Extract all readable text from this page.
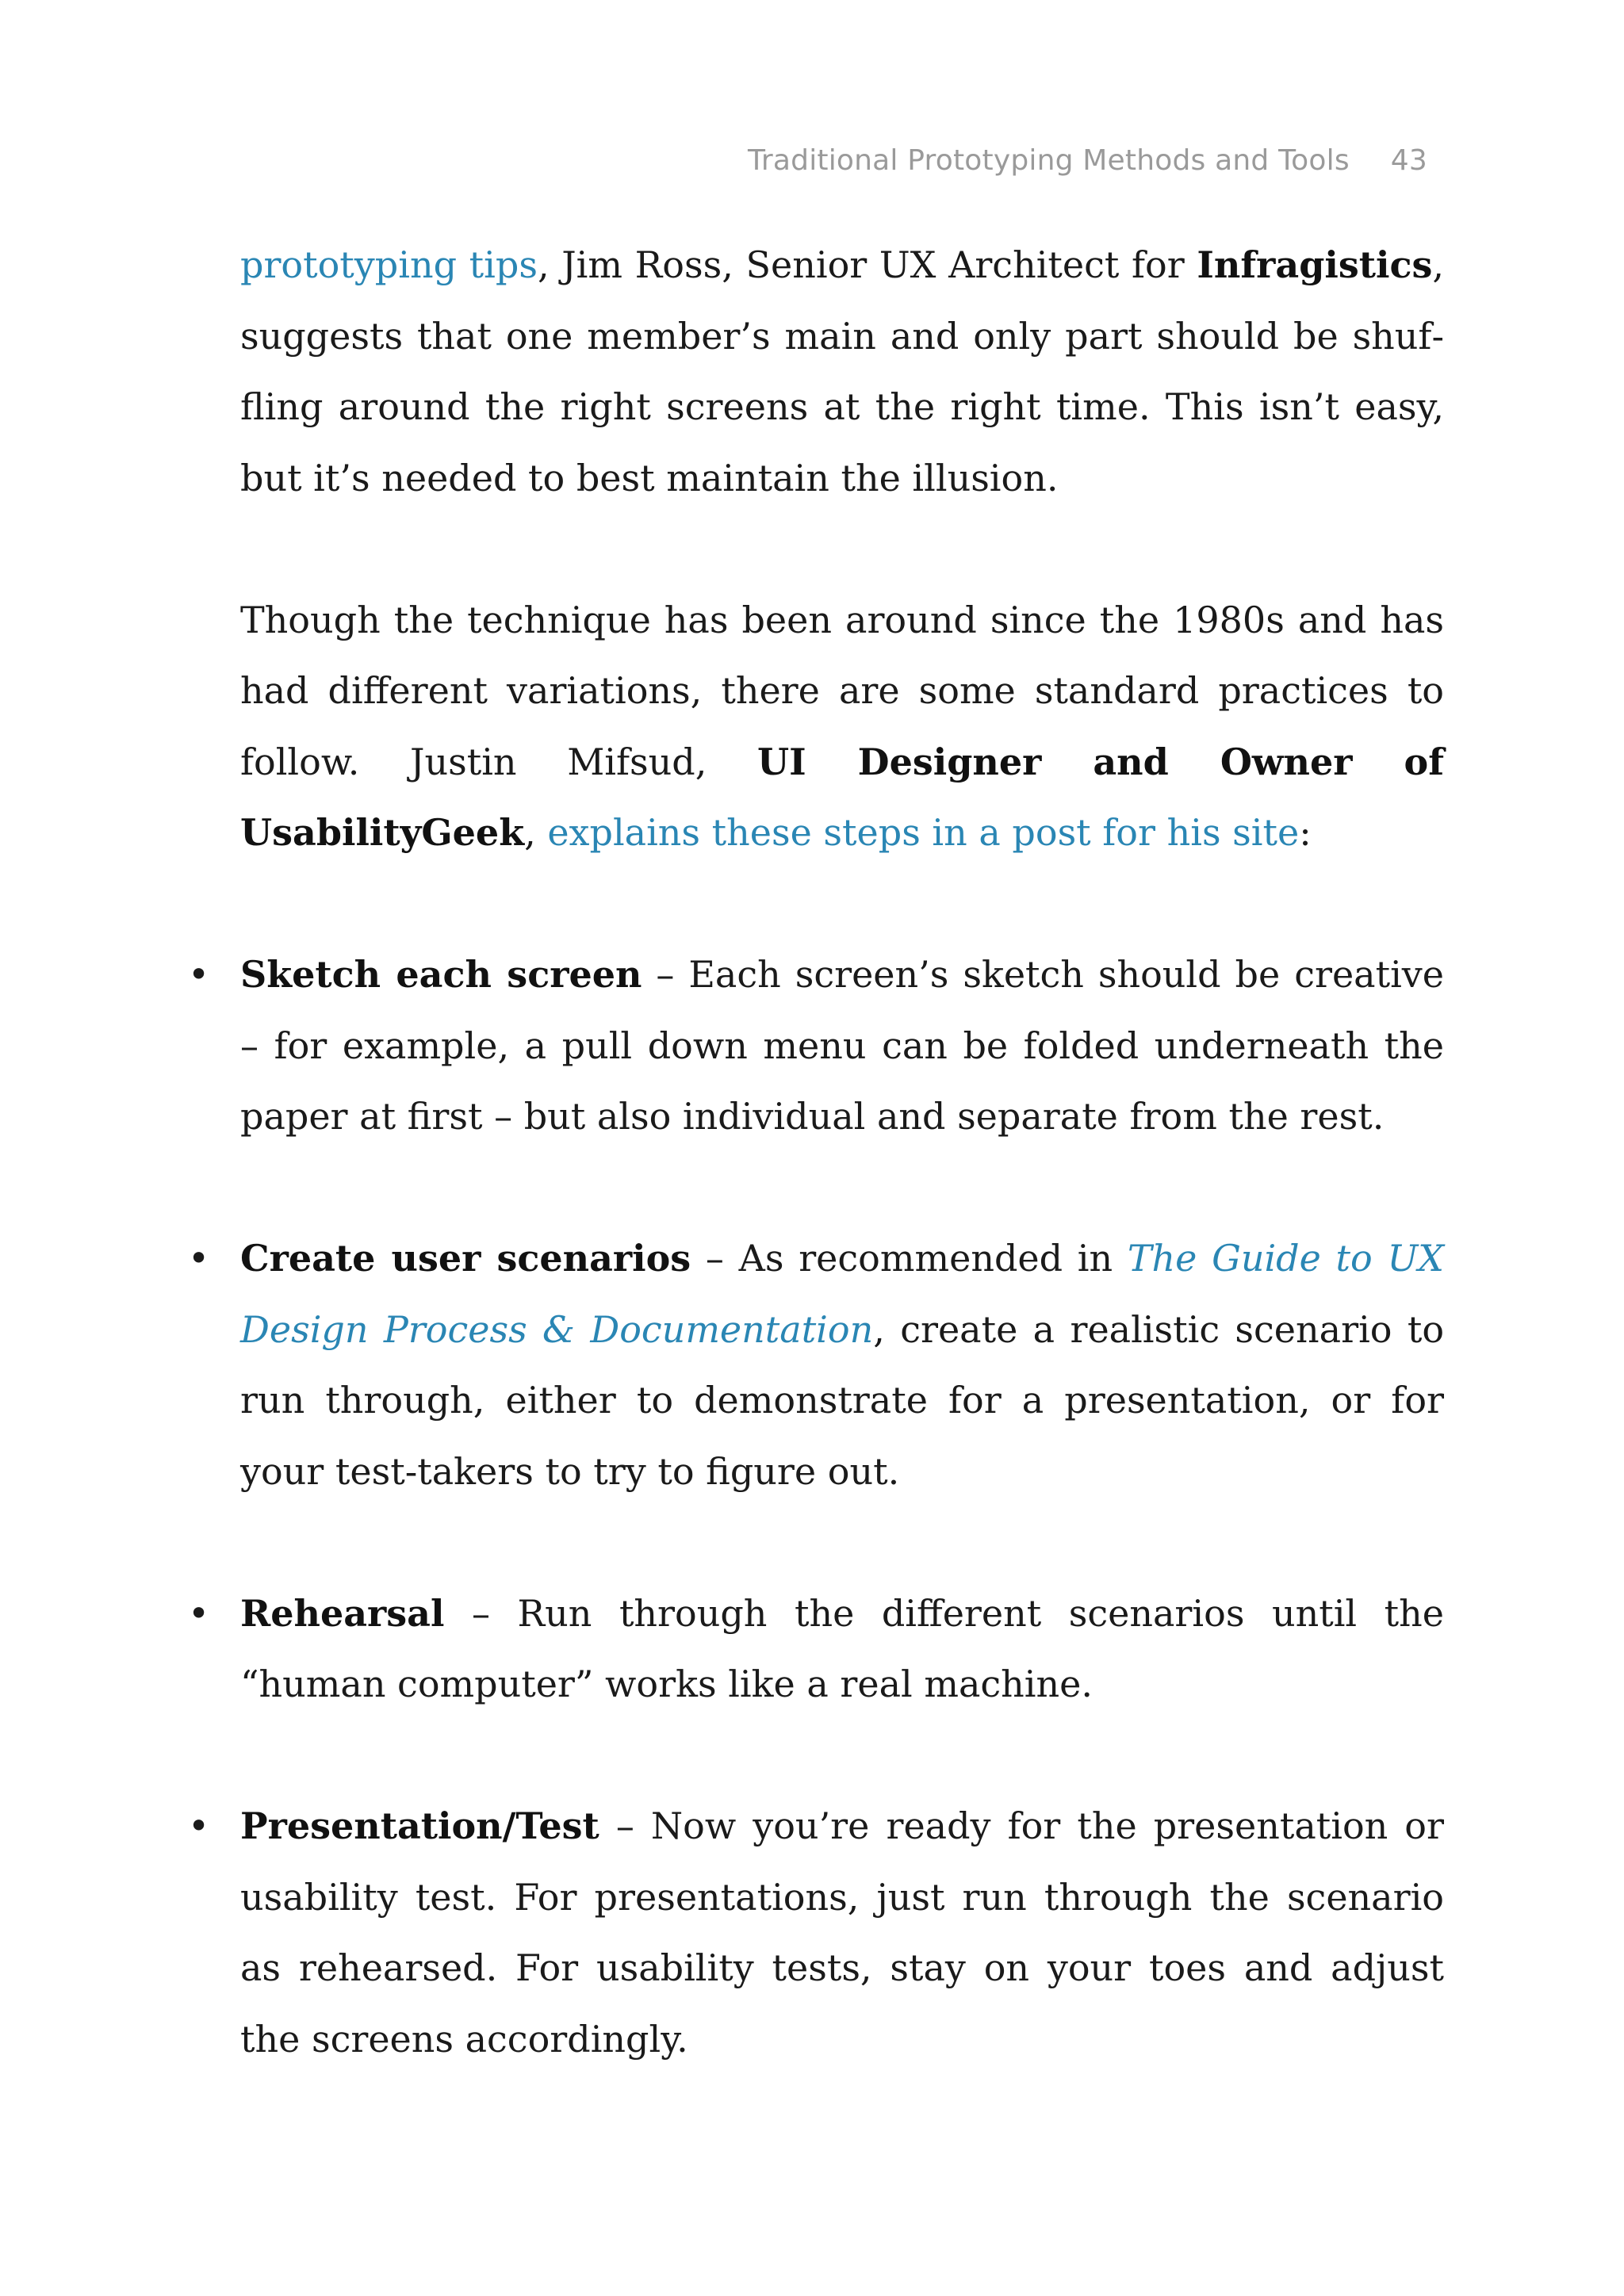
Traditional Prototyping Methods and Tools 43

prototyping tips, Jim Ross, Senior UX Architect for Infragistics, suggests that one member’s main and only part should be shuffling around the right screens at the right time. This isn’t easy, but it’s needed to best maintain the illusion.

Though the technique has been around since the 1980s and has had different variations, there are some standard practices to follow. Justin Mifsud, UI Designer and Owner of UsabilityGeek, explains these steps in a post for his site:

• Sketch each screen – Each screen’s sketch should be creative – for example, a pull down menu can be folded underneath the paper at first – but also individual and separate from the rest.
• Create user scenarios – As recommended in The Guide to UX Design Process & Documentation, create a realistic scenario to run through, either to demonstrate for a presentation, or for your test-takers to try to figure out.
• Rehearsal – Run through the different scenarios until the “human computer” works like a real machine.
• Presentation/Test – Now you’re ready for the presentation or usability test. For presentations, just run through the scenario as rehearsed. For usability tests, stay on your toes and adjust the screens accordingly.
